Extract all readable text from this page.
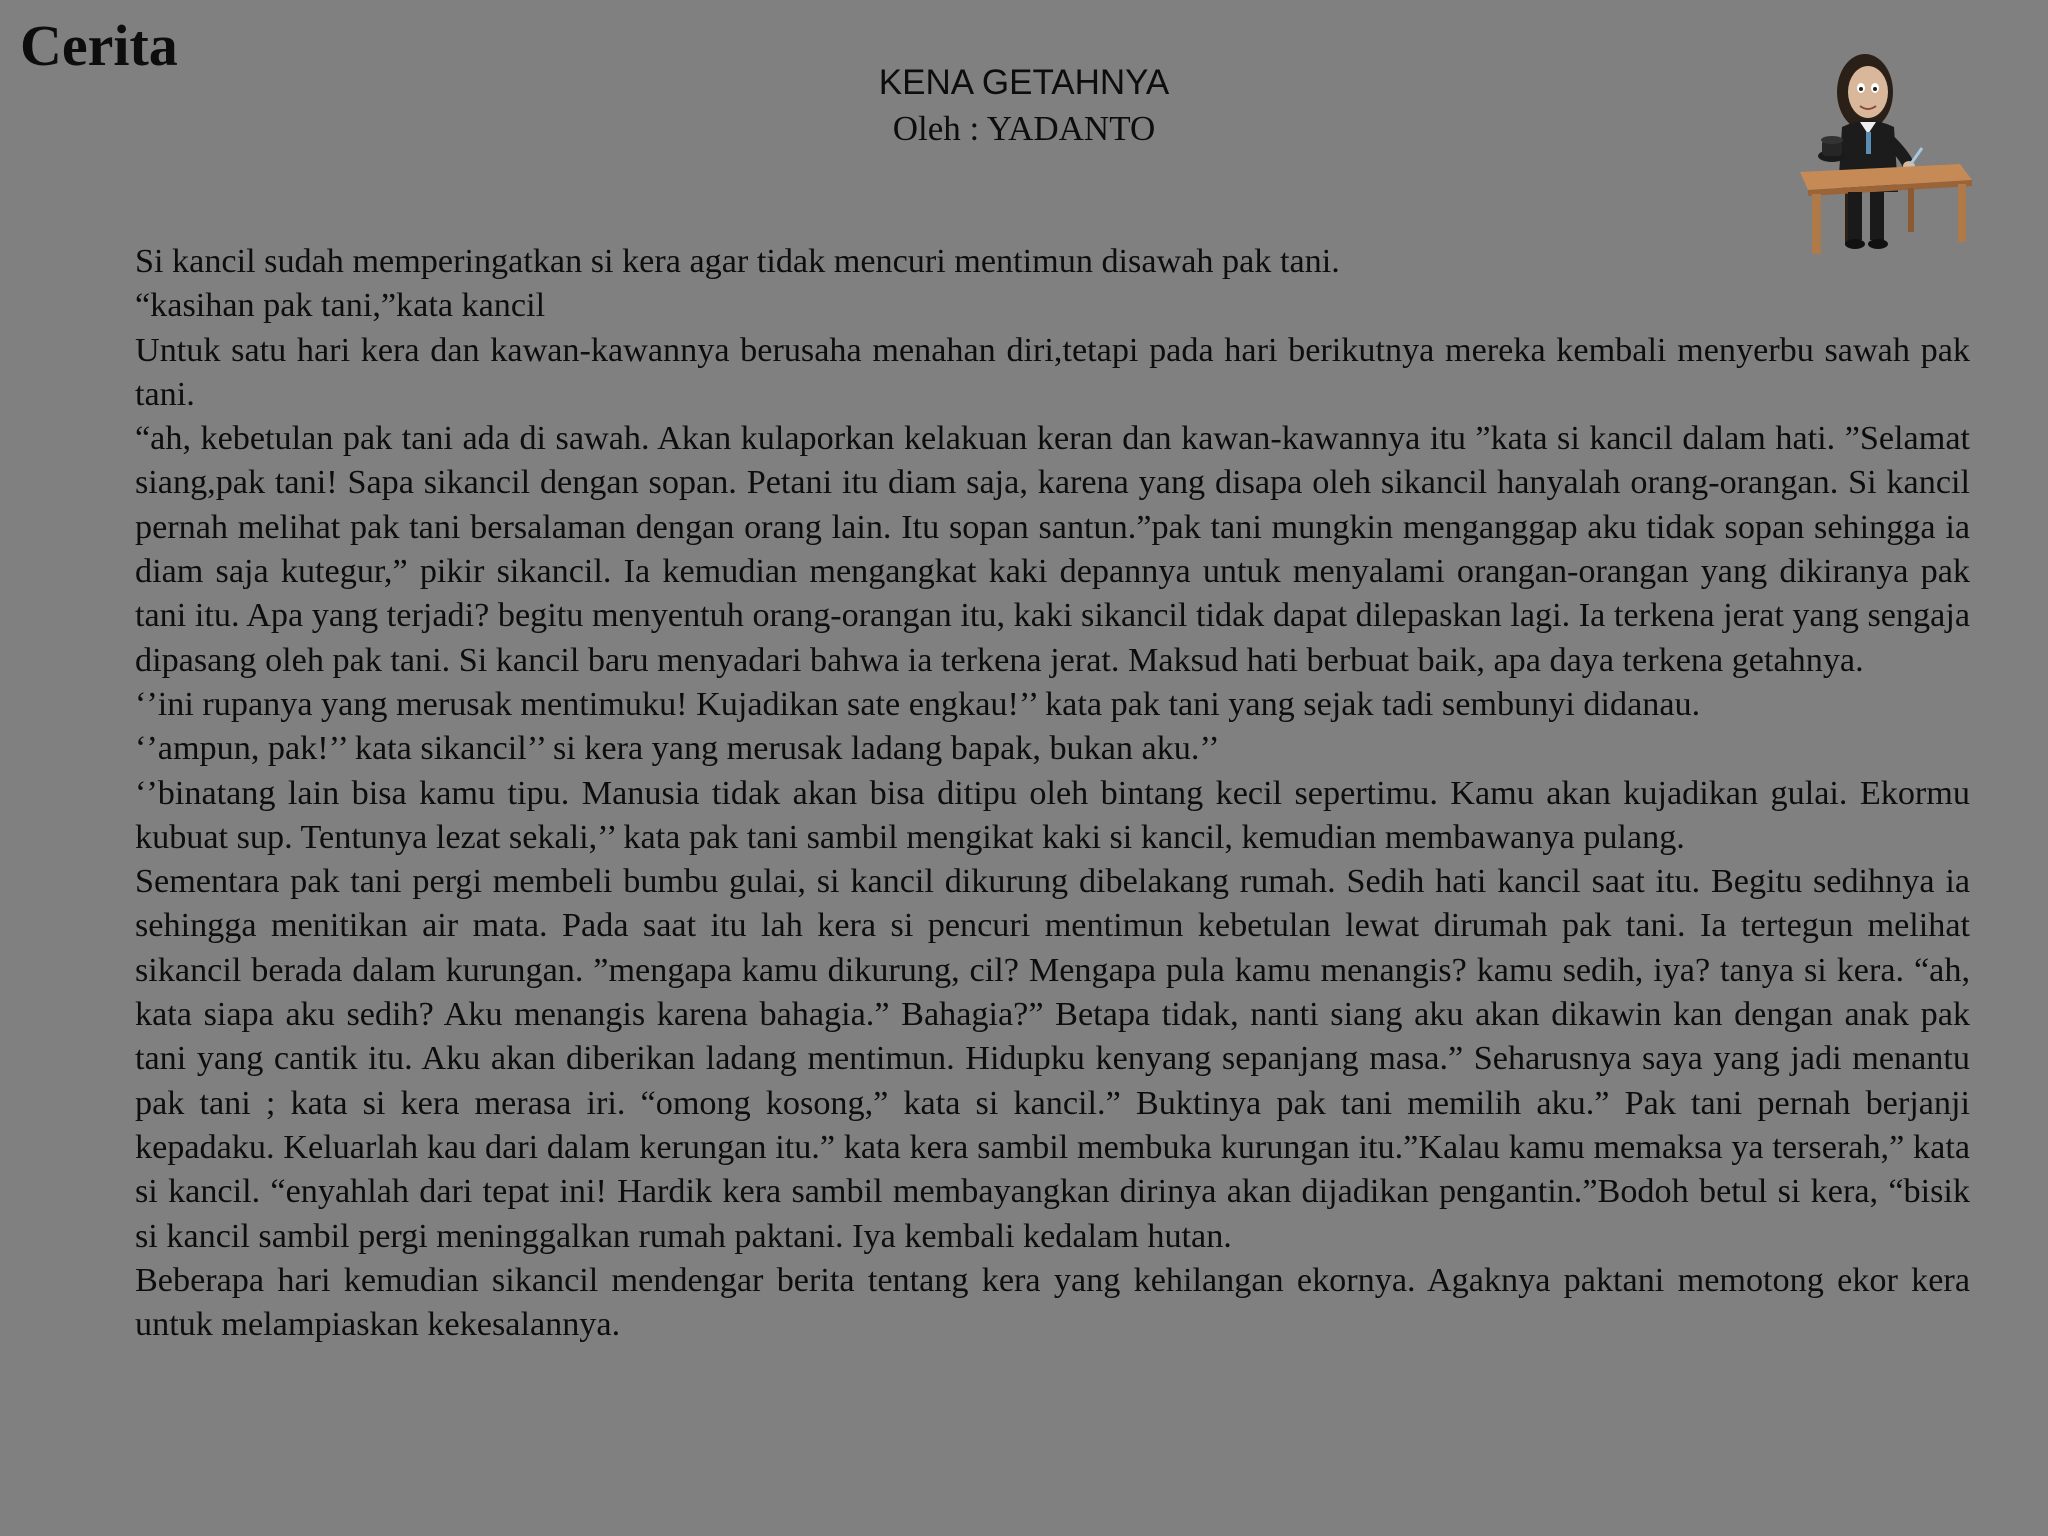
Cerita
KENA GETAHNYA
Oleh : YADANTO

Si kancil sudah memperingatkan si kera agar tidak mencuri mentimun disawah pak tani.

“kasihan pak tani,”kata kancil

Untuk satu hari kera dan kawan-kawannya berusaha menahan diri,tetapi pada hari berikutnya mereka kembali menyerbu sawah pak tani.

“ah, kebetulan pak tani ada di sawah. Akan kulaporkan kelakuan keran dan kawan-kawannya itu ”kata si kancil dalam hati. ”Selamat siang,pak tani! Sapa sikancil dengan sopan. Petani itu diam saja, karena yang disapa oleh sikancil hanyalah orang-orangan. Si kancil pernah melihat pak tani bersalaman dengan orang lain. Itu sopan santun.”pak tani mungkin menganggap aku tidak sopan sehingga ia diam saja kutegur,” pikir sikancil. Ia kemudian mengangkat kaki depannya untuk menyalami orangan-orangan yang dikiranya pak tani itu. Apa yang terjadi? begitu menyentuh orang-orangan itu, kaki sikancil tidak dapat dilepaskan lagi. Ia terkena jerat yang sengaja dipasang oleh pak tani. Si kancil baru menyadari bahwa ia terkena jerat. Maksud hati berbuat baik, apa daya terkena getahnya.

‘’ini rupanya yang merusak mentimuku! Kujadikan sate engkau!’’ kata pak tani yang sejak tadi sembunyi didanau.

‘’ampun, pak!’’ kata sikancil’’ si kera yang merusak ladang bapak, bukan aku.’’

‘’binatang lain bisa kamu tipu. Manusia tidak akan bisa ditipu oleh bintang kecil sepertimu. Kamu akan kujadikan gulai. Ekormu kubuat sup. Tentunya lezat sekali,’’ kata pak tani sambil mengikat kaki si kancil, kemudian membawanya pulang.

Sementara pak tani pergi membeli bumbu gulai, si kancil dikurung dibelakang rumah. Sedih hati kancil saat itu. Begitu sedihnya ia sehingga menitikan air mata. Pada saat itu lah kera si pencuri mentimun kebetulan lewat dirumah pak tani. Ia tertegun melihat sikancil berada dalam kurungan. ”mengapa kamu dikurung, cil? Mengapa pula kamu menangis? kamu sedih, iya? tanya si kera. “ah, kata siapa aku sedih? Aku menangis karena bahagia.” Bahagia?” Betapa tidak, nanti siang aku akan dikawin kan dengan anak pak tani yang cantik itu. Aku akan diberikan ladang mentimun. Hidupku kenyang sepanjang masa.” Seharusnya saya yang jadi menantu pak tani ; kata si kera merasa iri. “omong kosong,” kata si kancil.” Buktinya pak tani memilih aku.” Pak tani pernah berjanji kepadaku. Keluarlah kau dari dalam kerungan itu.” kata kera sambil membuka kurungan itu.”Kalau kamu memaksa ya terserah,” kata si kancil. “enyahlah dari tepat ini! Hardik kera sambil membayangkan dirinya akan dijadikan pengantin.”Bodoh betul si kera, “bisik si kancil sambil pergi meninggalkan rumah paktani. Iya kembali kedalam hutan.

Beberapa hari kemudian sikancil mendengar berita tentang kera yang kehilangan ekornya. Agaknya paktani memotong ekor kera untuk melampiaskan kekesalannya.
